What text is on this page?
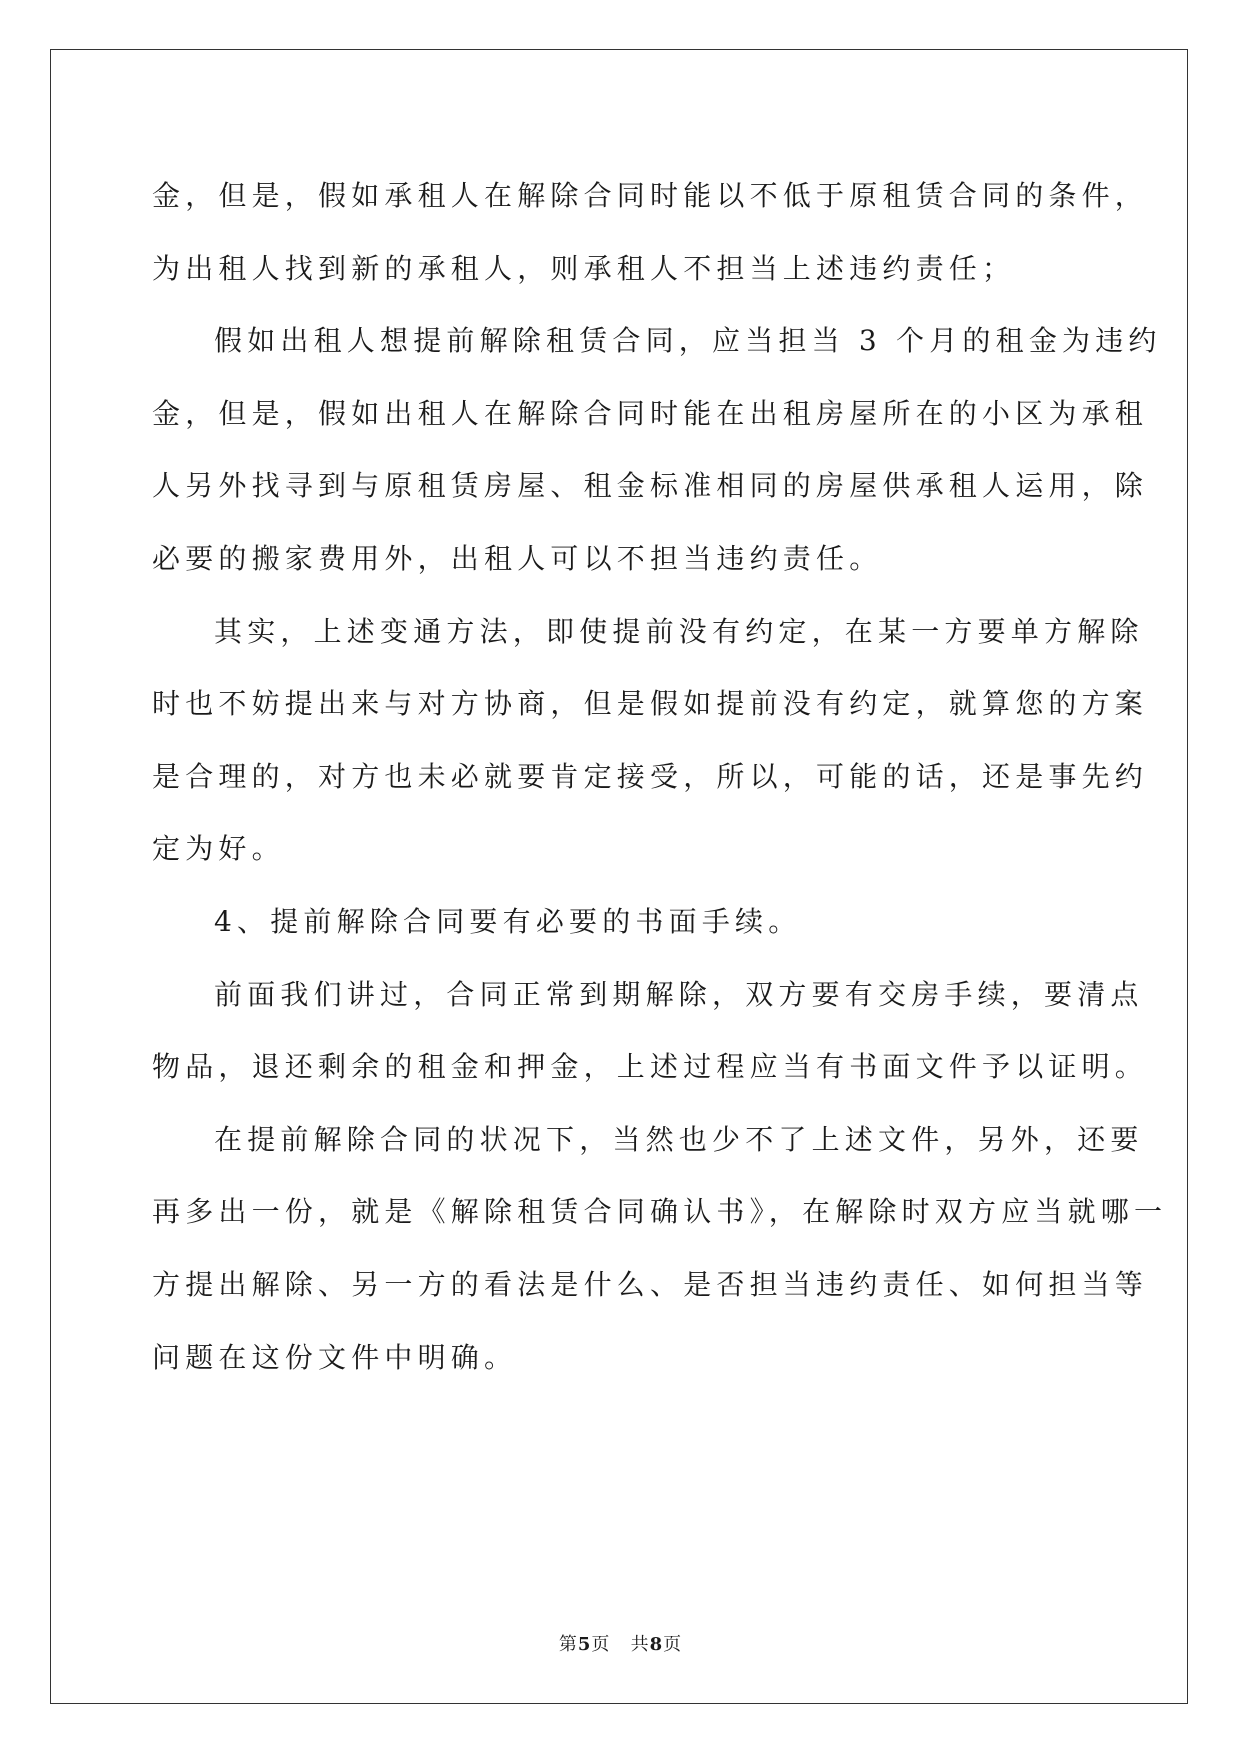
金，但是，假如承租人在解除合同时能以不低于原租赁合同的条件，
为出租人找到新的承租人，则承租人不担当上述违约责任；
假如出租人想提前解除租赁合同，应当担当 3 个月的租金为违约
金，但是，假如出租人在解除合同时能在出租房屋所在的小区为承租
人另外找寻到与原租赁房屋、租金标准相同的房屋供承租人运用，除
必要的搬家费用外，出租人可以不担当违约责任。
其实，上述变通方法，即使提前没有约定，在某一方要单方解除
时也不妨提出来与对方协商，但是假如提前没有约定，就算您的方案
是合理的，对方也未必就要肯定接受，所以，可能的话，还是事先约
定为好。
4、提前解除合同要有必要的书面手续。
前面我们讲过，合同正常到期解除，双方要有交房手续，要清点
物品，退还剩余的租金和押金，上述过程应当有书面文件予以证明。
在提前解除合同的状况下，当然也少不了上述文件，另外，还要
再多出一份，就是《解除租赁合同确认书》，在解除时双方应当就哪一
方提出解除、另一方的看法是什么、是否担当违约责任、如何担当等
问题在这份文件中明确。
第5页 共8页
